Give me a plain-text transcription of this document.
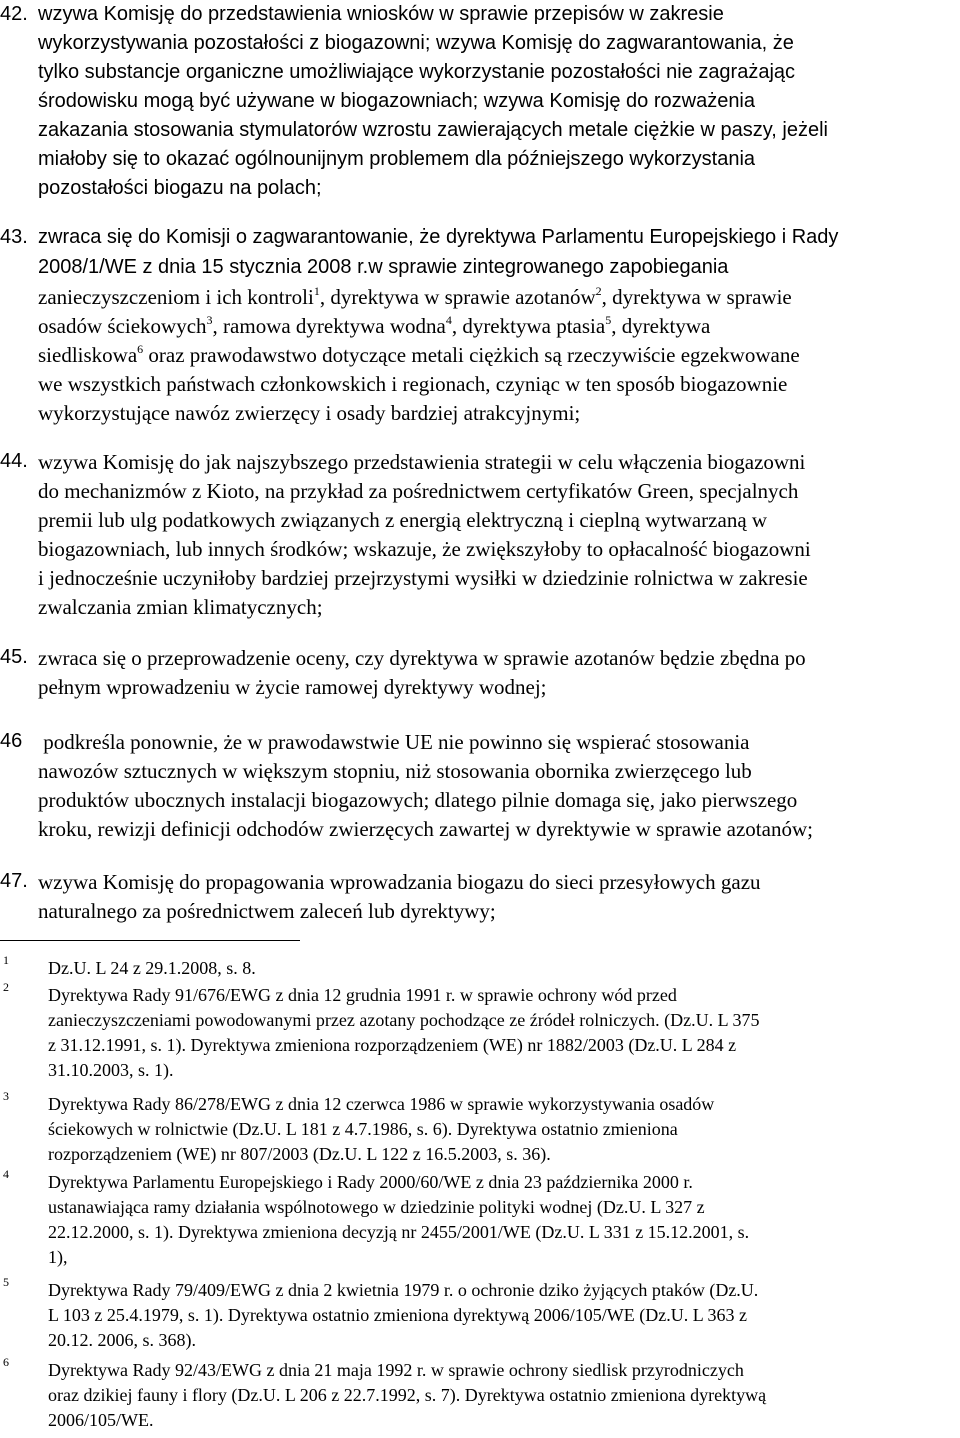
42. wzywa Komisję do przedstawienia wniosków w sprawie przepisów w zakresie
wykorzystywania pozostałości z biogazowni; wzywa Komisję do zagwarantowania, że
tylko substancje organiczne umożliwiające wykorzystanie pozostałości nie zagrażając
środowisku mogą być używane w biogazowniach; wzywa Komisję do rozważenia
zakazania stosowania stymulatorów wzrostu zawierających metale ciężkie w paszy, jeżeli
miałoby się to okazać ogólnounijnym problemem dla późniejszego wykorzystania
pozostałości biogazu na polach;
43. zwraca się do Komisji o zagwarantowanie, że dyrektywa Parlamentu Europejskiego i Rady
2008/1/WE z dnia 15 stycznia 2008 r.w sprawie zintegrowanego zapobiegania
zanieczyszczeniom i ich kontroli$^1$, dyrektywa w sprawie azotanów$^2$, dyrektywa w sprawie
osadów ściekowych$^3$, ramowa dyrektywa wodna$^4$, dyrektywa ptasia$^5$, dyrektywa
siedliskowa$^6$ oraz prawodawstwo dotyczące metali ciężkich są rzeczywiście egzekwowane
we wszystkich państwach członkowskich i regionach, czyniąc w ten sposób biogazownie
wykorzystujące nawóz zwierzęcy i osady bardziej atrakcyjnymi;
44. wzywa Komisję do jak najszybszego przedstawienia strategii w celu włączenia biogazowni
do mechanizmów z Kioto, na przykład za pośrednictwem certyfikatów Green, specjalnych
premii lub ulg podatkowych związanych z energią elektryczną i cieplną wytwarzaną w
biogazowniach, lub innych środków; wskazuje, że zwiększyłoby to opłacalność biogazowni
i jednocześnie uczyniłoby bardziej przejrzystymi wysiłki w dziedzinie rolnictwa w zakresie
zwalczania zmian klimatycznych;
45. zwraca się o przeprowadzenie oceny, czy dyrektywa w sprawie azotanów będzie zbędna po
pełnym wprowadzeniu w życie ramowej dyrektywy wodnej;
46 podkreśla ponownie, że w prawodawstwie UE nie powinno się wspierać stosowania
nawozów sztucznych w większym stopniu, niż stosowania obornika zwierzęcego lub
produktów ubocznych instalacji biogazowych; dlatego pilnie domaga się, jako pierwszego
kroku, rewizji definicji odchodów zwierzęcych zawartej w dyrektywie w sprawie azotanów;
47. wzywa Komisję do propagowania wprowadzania biogazu do sieci przesyłowych gazu
naturalnego za pośrednictwem zaleceń lub dyrektywy;
1 Dz.U. L 24 z 29.1.2008, s. 8.
2 Dyrektywa Rady 91/676/EWG z dnia 12 grudnia 1991 r. w sprawie ochrony wód przed
zanieczyszczeniami powodowanymi przez azotany pochodzące ze źródeł rolniczych. (Dz.U. L 375
z 31.12.1991, s. 1). Dyrektywa zmieniona rozporządzeniem (WE) nr 1882/2003 (Dz.U. L 284 z
31.10.2003, s. 1).
3 Dyrektywa Rady 86/278/EWG z dnia 12 czerwca 1986 w sprawie wykorzystywania osadów
ściekowych w rolnictwie (Dz.U. L 181 z 4.7.1986, s. 6). Dyrektywa ostatnio zmieniona
rozporządzeniem (WE) nr 807/2003 (Dz.U. L 122 z 16.5.2003, s. 36).
4 Dyrektywa Parlamentu Europejskiego i Rady 2000/60/WE z dnia 23 października 2000 r.
ustanawiająca ramy działania wspólnotowego w dziedzinie polityki wodnej (Dz.U. L 327 z
22.12.2000, s. 1). Dyrektywa zmieniona decyzją nr 2455/2001/WE (Dz.U. L 331 z 15.12.2001, s.
1),
5 Dyrektywa Rady 79/409/EWG z dnia 2 kwietnia 1979 r. o ochronie dziko żyjących ptaków (Dz.U.
L 103 z 25.4.1979, s. 1). Dyrektywa ostatnio zmieniona dyrektywą 2006/105/WE (Dz.U. L 363 z
20.12. 2006, s. 368).
6 Dyrektywa Rady 92/43/EWG z dnia 21 maja 1992 r. w sprawie ochrony siedlisk przyrodniczych
oraz dzikiej fauny i flory (Dz.U. L 206 z 22.7.1992, s. 7). Dyrektywa ostatnio zmieniona dyrektywą
2006/105/WE.
